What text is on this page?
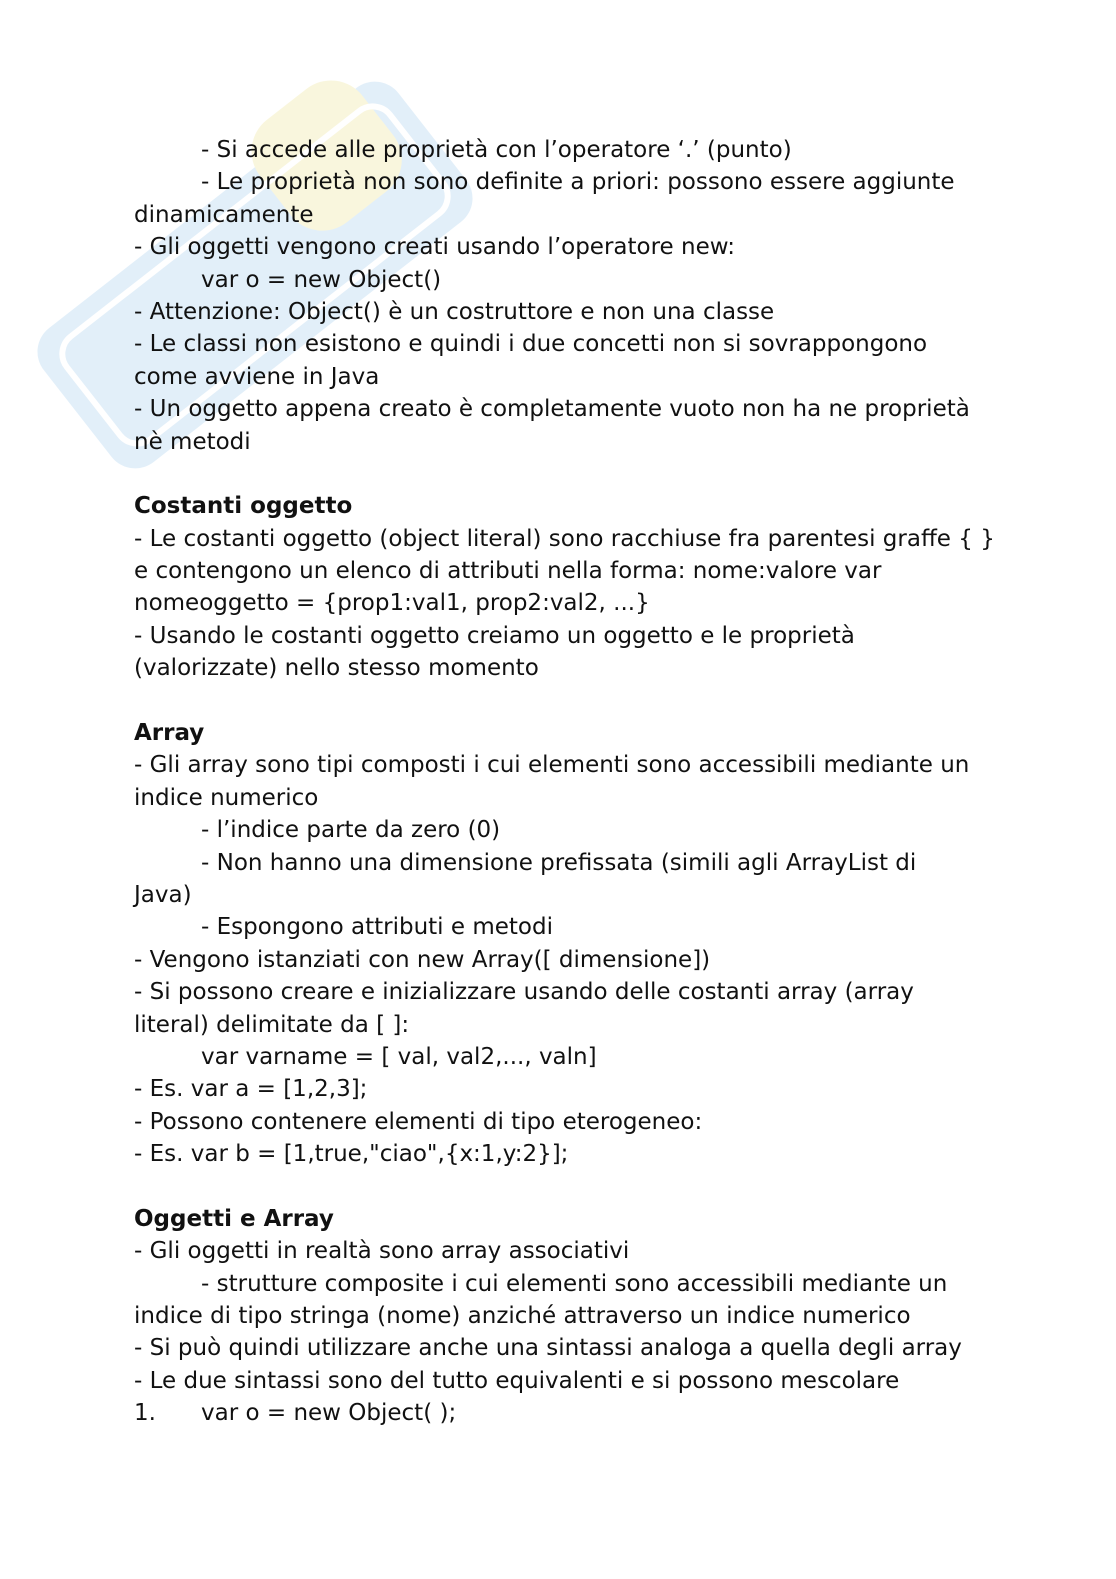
- Si accede alle proprietà con l’operatore ‘.’ (punto)
- Le proprietà non sono definite a priori: possono essere aggiunte
dinamicamente
- Gli oggetti vengono creati usando l’operatore new:
var o = new Object()
- Attenzione: Object() è un costruttore e non una classe
- Le classi non esistono e quindi i due concetti non si sovrappongono
come avviene in Java
- Un oggetto appena creato è completamente vuoto non ha ne proprietà
nè metodi
Costanti oggetto
- Le costanti oggetto (object literal) sono racchiuse fra parentesi graffe { }
e contengono un elenco di attributi nella forma: nome:valore var
nomeoggetto = {prop1:val1, prop2:val2, ...}
- Usando le costanti oggetto creiamo un oggetto e le proprietà
(valorizzate) nello stesso momento
Array
- Gli array sono tipi composti i cui elementi sono accessibili mediante un
indice numerico
- l’indice parte da zero (0)
- Non hanno una dimensione prefissata (simili agli ArrayList di
Java)
- Espongono attributi e metodi
- Vengono istanziati con new Array([ dimensione])
- Si possono creare e inizializzare usando delle costanti array (array
literal) delimitate da [ ]:
var varname = [ val, val2,..., valn]
- Es. var a = [1,2,3];
- Possono contenere elementi di tipo eterogeneo:
- Es. var b = [1,true,"ciao",{x:1,y:2}];
Oggetti e Array
- Gli oggetti in realtà sono array associativi
- strutture composite i cui elementi sono accessibili mediante un
indice di tipo stringa (nome) anziché attraverso un indice numerico
- Si può quindi utilizzare anche una sintassi analoga a quella degli array
- Le due sintassi sono del tutto equivalenti e si possono mescolare
1. var o = new Object( );
